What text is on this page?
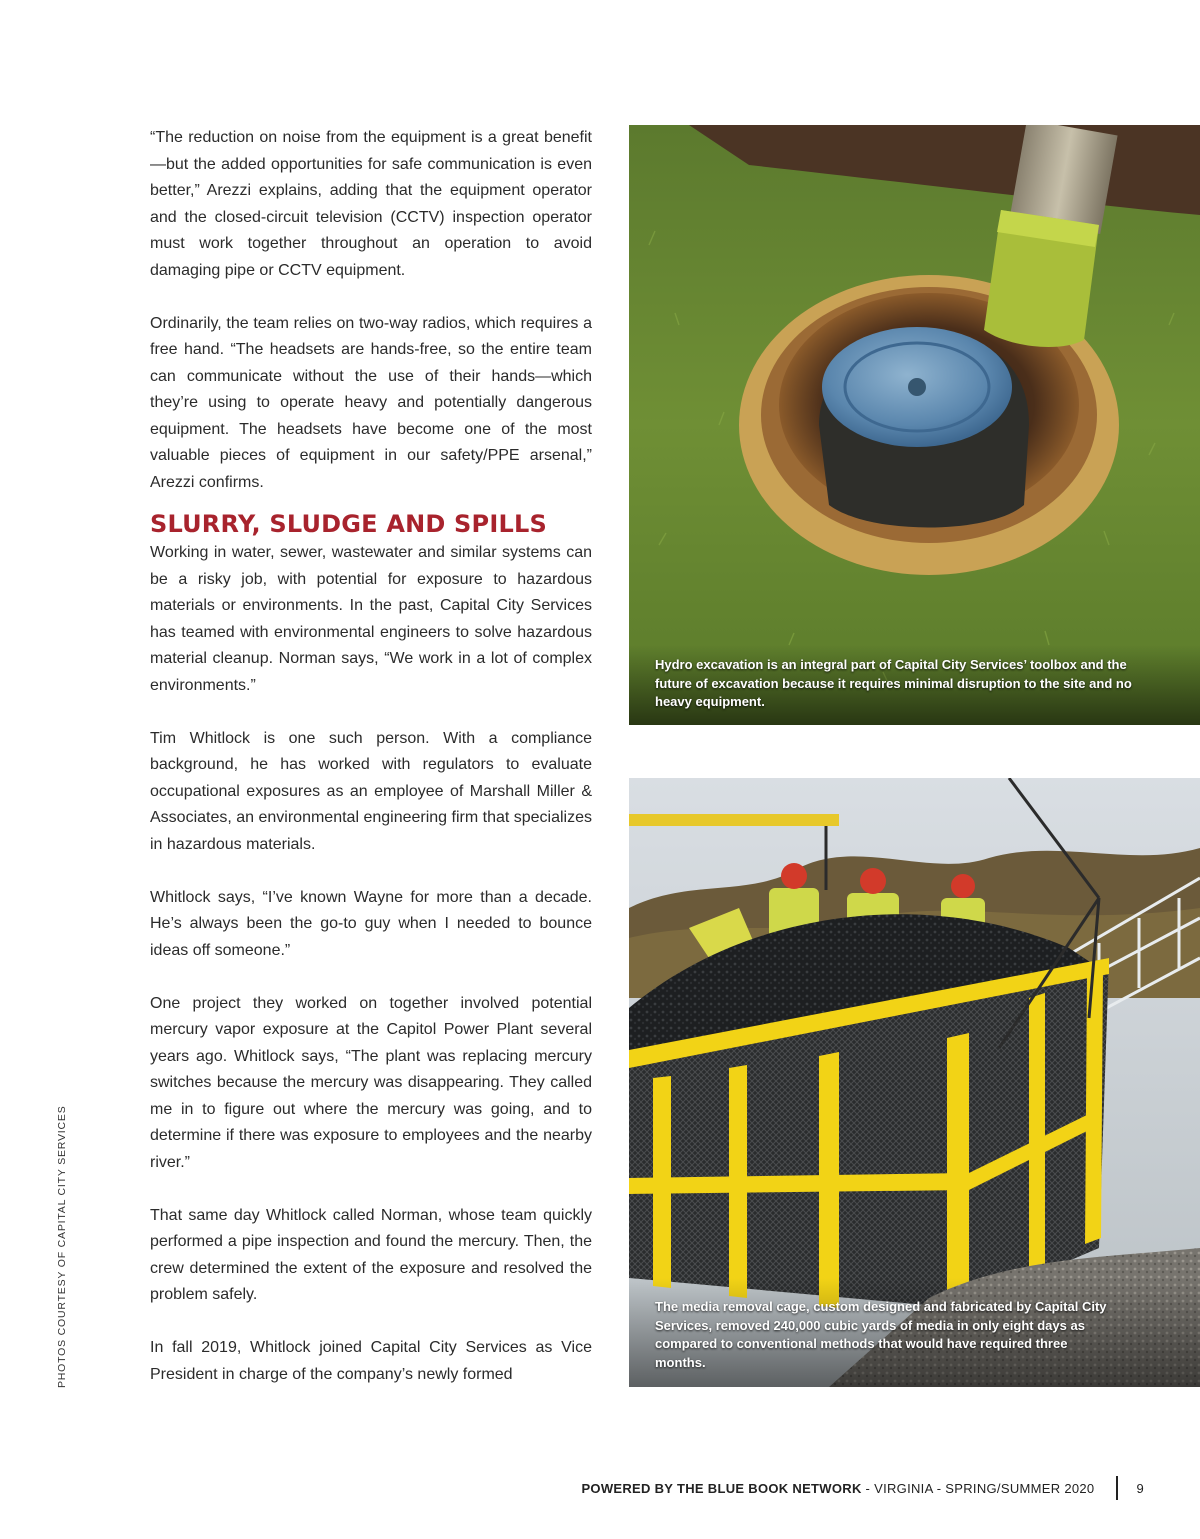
“The reduction on noise from the equipment is a great benefit—but the added opportunities for safe communication is even better,” Arezzi explains, adding that the equipment operator and the closed-circuit television (CCTV) inspection operator must work together throughout an operation to avoid damaging pipe or CCTV equipment.

Ordinarily, the team relies on two-way radios, which requires a free hand. “The headsets are hands-free, so the entire team can communicate without the use of their hands—which they’re using to operate heavy and potentially dangerous equipment. The headsets have become one of the most valuable pieces of equipment in our safety/PPE arsenal,” Arezzi confirms.

SLURRY, SLUDGE AND SPILLS

Working in water, sewer, wastewater and similar systems can be a risky job, with potential for exposure to hazardous materials or environments. In the past, Capital City Services has teamed with environmental engineers to solve hazardous material cleanup. Norman says, “We work in a lot of complex environments.”

Tim Whitlock is one such person. With a compliance background, he has worked with regulators to evaluate occupational exposures as an employee of Marshall Miller & Associates, an environmental engineering firm that specializes in hazardous materials.

Whitlock says, “I’ve known Wayne for more than a decade. He’s always been the go-to guy when I needed to bounce ideas off someone.”

One project they worked on together involved potential mercury vapor exposure at the Capitol Power Plant several years ago. Whitlock says, “The plant was replacing mercury switches because the mercury was disappearing. They called me in to figure out where the mercury was going, and to determine if there was exposure to employees and the nearby river.”

That same day Whitlock called Norman, whose team quickly performed a pipe inspection and found the mercury. Then, the crew determined the extent of the exposure and resolved the problem safely.

In fall 2019, Whitlock joined Capital City Services as Vice President in charge of the company’s newly formed

PHOTOS COURTESY OF CAPITAL CITY SERVICES
Hydro excavation is an integral part of Capital City Services’ toolbox and the future of excavation because it requires minimal disruption to the site and no heavy equipment.
The media removal cage, custom designed and fabricated by Capital City Services, removed 240,000 cubic yards of media in only eight days as compared to conventional methods that would have required three months.
POWERED BY THE BLUE BOOK NETWORK - VIRGINIA - SPRING/SUMMER 2020	9
